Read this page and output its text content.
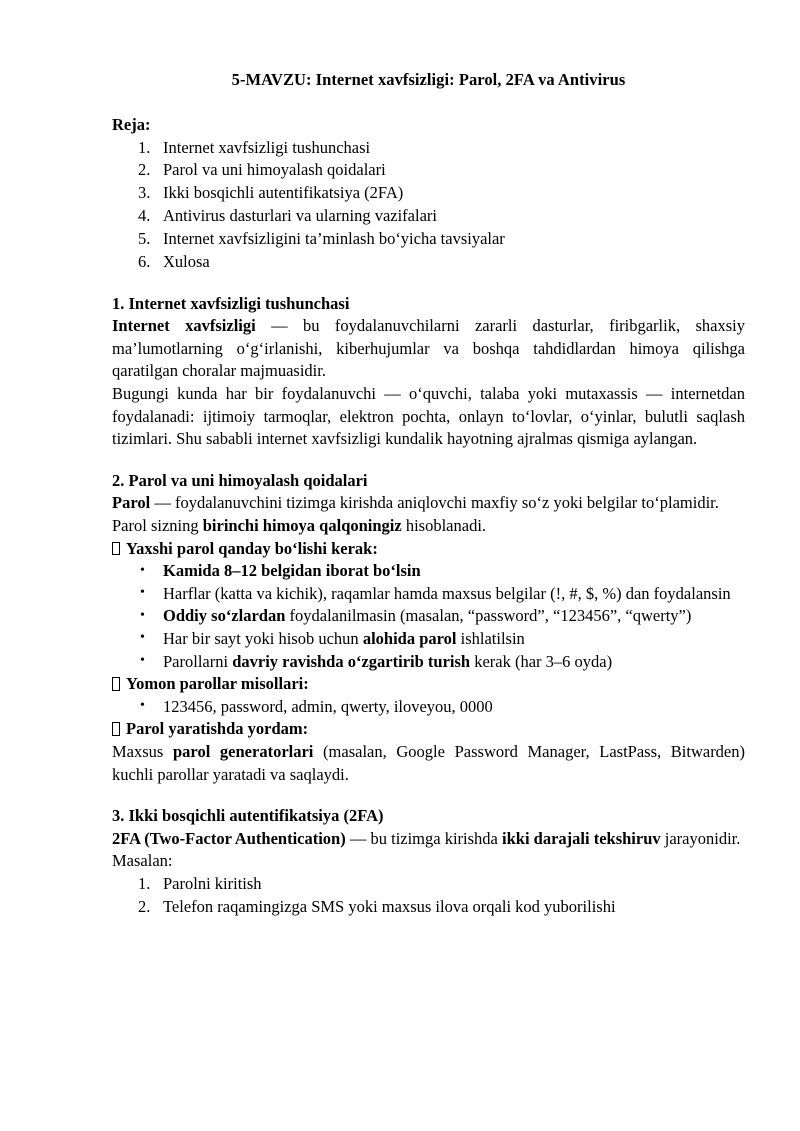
5-MAVZU: Internet xavfsizligi: Parol, 2FA va Antivirus
Reja:
1. Internet xavfsizligi tushunchasi
2. Parol va uni himoyalash qoidalari
3. Ikki bosqichli autentifikatsiya (2FA)
4. Antivirus dasturlari va ularning vazifalari
5. Internet xavfsizligini ta’minlash boʻyicha tavsiyalar
6. Xulosa
1. Internet xavfsizligi tushunchasi

Internet xavfsizligi — bu foydalanuvchilarni zararli dasturlar, firibgarlik, shaxsiy ma’lumotlarning oʻgʻirlanishi, kiberhujumlar va boshqa tahdidlardan himoya qilishga qaratilgan choralar majmuasidir.

Bugungi kunda har bir foydalanuvchi — oʻquvchi, talaba yoki mutaxassis — internetdan foydalanadi: ijtimoiy tarmoqlar, elektron pochta, onlayn toʻlovlar, oʻyinlar, bulutli saqlash tizimlari. Shu sababli internet xavfsizligi kundalik hayotning ajralmas qismiga aylangan.

2. Parol va uni himoyalash qoidalari

Parol — foydalanuvchini tizimga kirishda aniqlovchi maxfiy soʻz yoki belgilar toʻplamidir.

Parol sizning birinchi himoya qalqoningiz hisoblanadi.

Yaxshi parol qanday boʻlishi kerak:
• Kamida 8–12 belgidan iborat boʻlsin
• Harflar (katta va kichik), raqamlar hamda maxsus belgilar (!, #, $, %) dan foydalansin
• Oddiy soʻzlardan foydalanilmasin (masalan, “password”, “123456”, “qwerty”)
• Har bir sayt yoki hisob uchun alohida parol ishlatilsin
• Parollarni davriy ravishda oʻzgartirib turish kerak (har 3–6 oyda)
Yomon parollar misollari:
• 123456, password, admin, qwerty, iloveyou, 0000
Parol yaratishda yordam:

Maxsus parol generatorlari (masalan, Google Password Manager, LastPass, Bitwarden) kuchli parollar yaratadi va saqlaydi.

3. Ikki bosqichli autentifikatsiya (2FA)

2FA (Two-Factor Authentication) — bu tizimga kirishda ikki darajali tekshiruv jarayonidir.

Masalan:

1. Parolni kiritish
2. Telefon raqamingizga SMS yoki maxsus ilova orqali kod yuborilishi
